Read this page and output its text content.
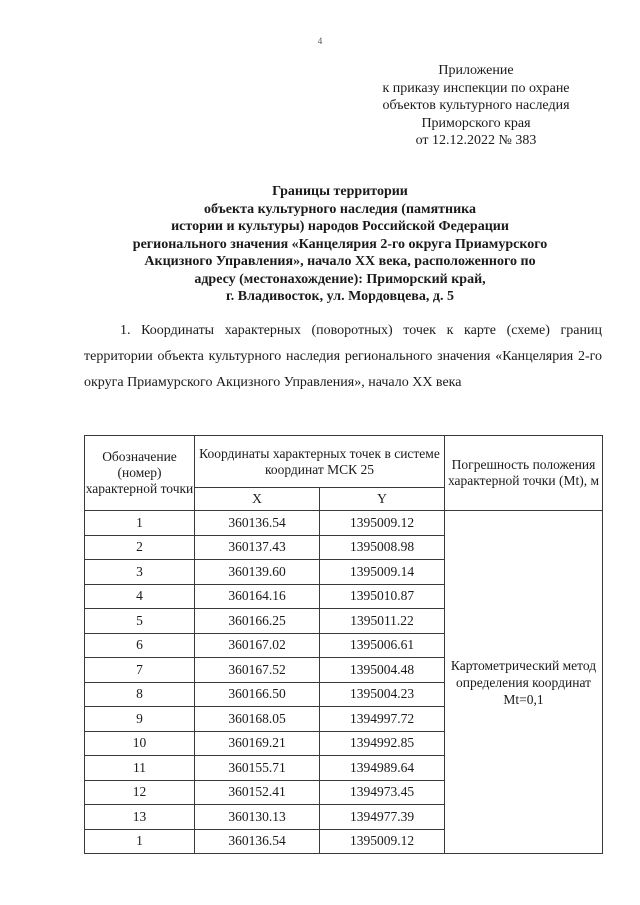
4
Приложение
к приказу инспекции по охране
объектов культурного наследия
Приморского края
от 12.12.2022 № 383
Границы территории
объекта культурного наследия (памятника
истории и культуры) народов Российской Федерации
регионального значения «Канцелярия 2-го округа Приамурского
Акцизного Управления», начало XX века, расположенного по
адресу (местонахождение): Приморский край,
г. Владивосток, ул. Мордовцева, д. 5

1. Координаты характерных (поворотных) точек к карте (схеме) границ территории объекта культурного наследия регионального значения «Канцелярия 2-го округа Приамурского Акцизного Управления», начало XX века

Обозначение (номер) характерной точки	Координаты характерных точек в системе координат МСК 25		Погрешность положения характерной точки (Mt), м
	X	Y	
1	360136.54	1395009.12	Картометрический метод определения координат Mt=0,1
2	360137.43	1395008.98	
3	360139.60	1395009.14	
4	360164.16	1395010.87	
5	360166.25	1395011.22	
6	360167.02	1395006.61	
7	360167.52	1395004.48	
8	360166.50	1395004.23	
9	360168.05	1394997.72	
10	360169.21	1394992.85	
11	360155.71	1394989.64	
12	360152.41	1394973.45	
13	360130.13	1394977.39	
1	360136.54	1395009.12	
